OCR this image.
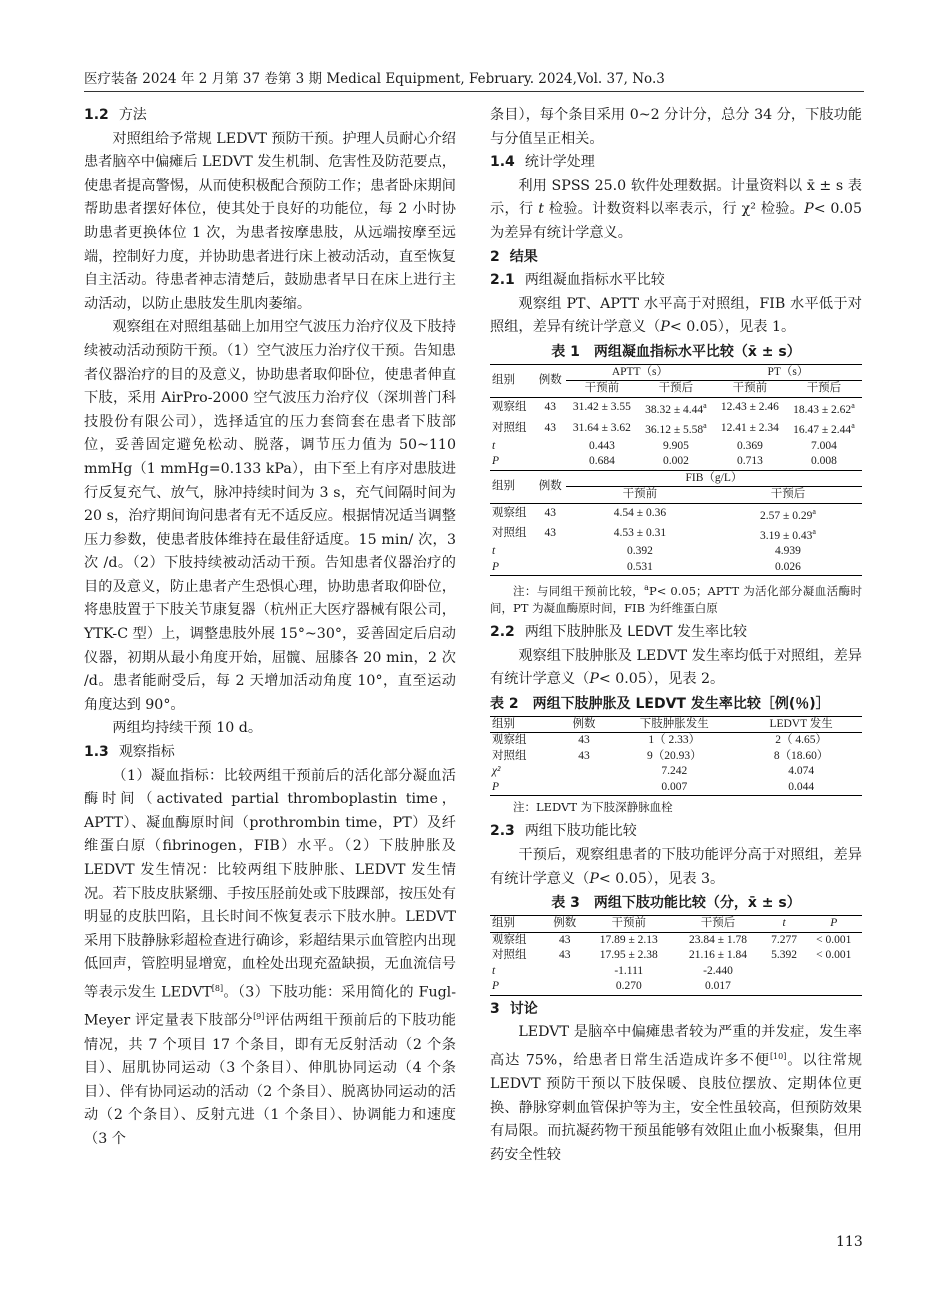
医疗装备 2024 年 2 月第 37 卷第 3 期 Medical Equipment, February. 2024,Vol. 37, No.3
1.2 方法

对照组给予常规 LEDVT 预防干预。护理人员耐心介绍患者脑卒中偏瘫后 LEDVT 发生机制、危害性及防范要点，使患者提高警惕，从而使积极配合预防工作；患者卧床期间帮助患者摆好体位，使其处于良好的功能位，每 2 小时协助患者更换体位 1 次，为患者按摩患肢，从远端按摩至远端，控制好力度，并协助患者进行床上被动活动，直至恢复自主活动。待患者神志清楚后，鼓励患者早日在床上进行主动活动，以防止患肢发生肌肉萎缩。

观察组在对照组基础上加用空气波压力治疗仪及下肢持续被动活动预防干预。（1）空气波压力治疗仪干预。告知患者仪器治疗的目的及意义，协助患者取仰卧位，使患者伸直下肢，采用 AirPro-2000 空气波压力治疗仪（深圳普门科技股份有限公司），选择适宜的压力套筒套在患者下肢部位，妥善固定避免松动、脱落，调节压力值为 50~110 mmHg（1 mmHg=0.133 kPa），由下至上有序对患肢进行反复充气、放气，脉冲持续时间为 3 s，充气间隔时间为 20 s，治疗期间询问患者有无不适反应。根据情况适当调整压力参数，使患者肢体维持在最佳舒适度。15 min/ 次，3 次 /d。（2）下肢持续被动活动干预。告知患者仪器治疗的目的及意义，防止患者产生恐惧心理，协助患者取仰卧位，将患肢置于下肢关节康复器（杭州正大医疗器械有限公司，YTK-C 型）上，调整患肢外展 15°~30°，妥善固定后启动仪器，初期从最小角度开始，屈髋、屈膝各 20 min，2 次 /d。患者能耐受后，每 2 天增加活动角度 10°，直至运动角度达到 90°。

两组均持续干预 10 d。

1.3 观察指标

（1）凝血指标：比较两组干预前后的活化部分凝血活酶时间（activated partial thromboplastin time，APTT）、凝血酶原时间（prothrombin time，PT）及纤维蛋白原（fibrinogen，FIB）水平。（2）下肢肿胀及 LEDVT 发生情况：比较两组下肢肿胀、LEDVT 发生情况。若下肢皮肤紧绷、手按压胫前处或下肢踝部，按压处有明显的皮肤凹陷，且长时间不恢复表示下肢水肿。LEDVT 采用下肢静脉彩超检查进行确诊，彩超结果示血管腔内出现低回声，管腔明显增宽，血栓处出现充盈缺损，无血流信号等表示发生 LEDVT[8]。（3）下肢功能：采用简化的 Fugl-Meyer 评定量表下肢部分[9]评估两组干预前后的下肢功能情况，共 7 个项目 17 个条目，即有无反射活动（2 个条目）、屈肌协同运动（3 个条目）、伸肌协同运动（4 个条目）、伴有协同运动的活动（2 个条目）、脱离协同运动的活动（2 个条目）、反射亢进（1 个条目）、协调能力和速度（3 个

条目），每个条目采用 0~2 分计分，总分 34 分，下肢功能与分值呈正相关。

1.4 统计学处理

利用 SPSS 25.0 软件处理数据。计量资料以 x̄ ± s 表示，行 t 检验。计数资料以率表示，行 χ² 检验。P< 0.05 为差异有统计学意义。

2 结果
2.1 两组凝血指标水平比较

观察组 PT、APTT 水平高于对照组，FIB 水平低于对照组，差异有统计学意义（P< 0.05），见表 1。

表 1　两组凝血指标水平比较（x̄ ± s）
组别	例数	APTT（s）		PT（s）	
		干预前	干预后	干预前	干预后
观察组	43	31.42 ± 3.55	38.32 ± 4.44$^a$	12.43 ± 2.46	18.43 ± 2.62$^a$
对照组	43	31.64 ± 3.62	36.12 ± 5.58$^a$	12.41 ± 2.34	16.47 ± 2.44$^a$
t		0.443	9.905	0.369	7.004
P		0.684	0.002	0.713	0.008
组别	例数	FIB（g/L）			
		干预前		干预后	
观察组	43	4.54 ± 0.36		2.57 ± 0.29$^a$
对照组	43	4.53 ± 0.31		3.19 ± 0.43$^a$
t		0.392		4.939	
P		0.531		0.026	
注：与同组干预前比较，$^a$P< 0.05；APTT 为活化部分凝血活酶时间，PT 为凝血酶原时间，FIB 为纤维蛋白原
2.2 两组下肢肿胀及 LEDVT 发生率比较

观察组下肢肿胀及 LEDVT 发生率均低于对照组，差异有统计学意义（P< 0.05），见表 2。

表 2　两组下肢肿胀及 LEDVT 发生率比较［例(％)］
组别	例数	下肢肿胀发生	LEDVT 发生
观察组	43	1（ 2.33）	2（ 4.65）
对照组	43	9（20.93）	8（18.60）
χ²		7.242	4.074
P		0.007	0.044
注：LEDVT 为下肢深静脉血栓
2.3 两组下肢功能比较

干预后，观察组患者的下肢功能评分高于对照组，差异有统计学意义（P< 0.05），见表 3。

表 3　两组下肢功能比较（分，x̄ ± s）
组别	例数	干预前	干预后	t	P
观察组	43	17.89 ± 2.13	23.84 ± 1.78	7.277	< 0.001
对照组	43	17.95 ± 2.38	21.16 ± 1.84	5.392	< 0.001
t		-1.111	-2.440		
P		0.270	0.017		
3 讨论

LEDVT 是脑卒中偏瘫患者较为严重的并发症，发生率高达 75%，给患者日常生活造成许多不便[10]。以往常规 LEDVT 预防干预以下肢保暖、良肢位摆放、定期体位更换、静脉穿刺血管保护等为主，安全性虽较高，但预防效果有局限。而抗凝药物干预虽能够有效阻止血小板聚集，但用药安全性较

113
